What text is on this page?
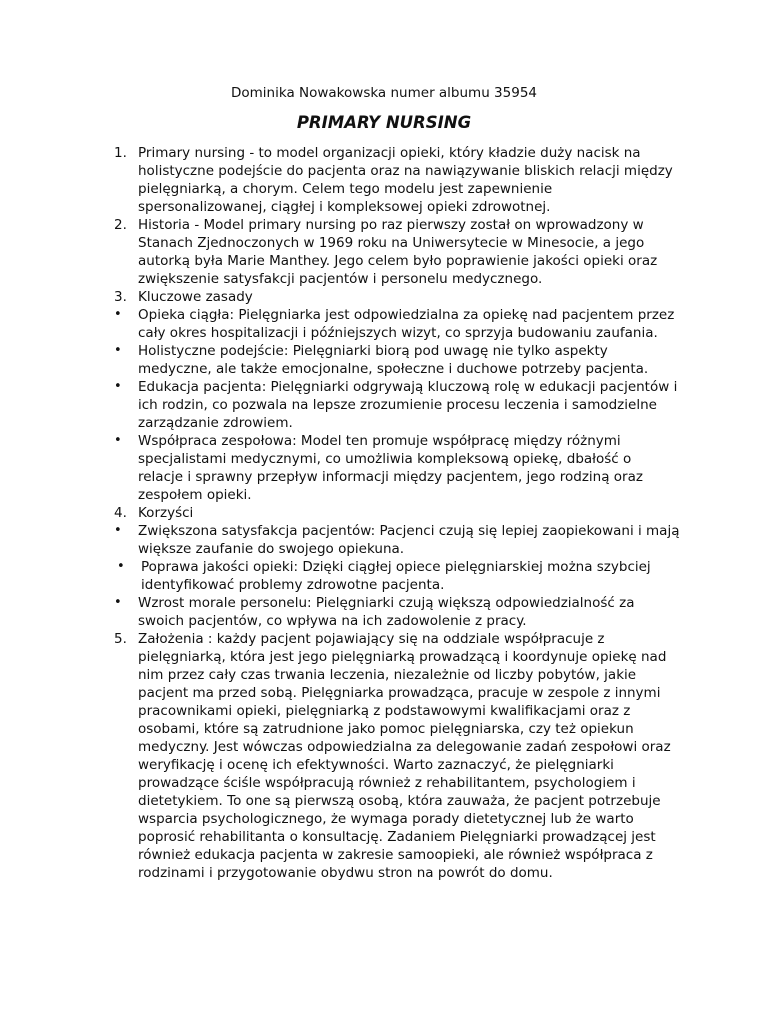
Dominika Nowakowska numer albumu 35954
PRIMARY NURSING
1. Primary nursing - to model organizacji opieki, który kładzie duży nacisk na holistyczne podejście do pacjenta oraz na nawiązywanie bliskich relacji między pielęgniarką, a chorym. Celem tego modelu jest zapewnienie spersonalizowanej, ciągłej i kompleksowej opieki zdrowotnej.
2. Historia - Model primary nursing po raz pierwszy został on wprowadzony w Stanach Zjednoczonych w 1969 roku na Uniwersytecie w Minesocie, a jego autorką była Marie Manthey. Jego celem było poprawienie jakości opieki oraz zwiększenie satysfakcji pacjentów i personelu medycznego.
3. Kluczowe zasady
•	Opieka ciągła: Pielęgniarka jest odpowiedzialna za opiekę nad pacjentem przez cały okres hospitalizacji i późniejszych wizyt, co sprzyja budowaniu zaufania.
•	Holistyczne podejście: Pielęgniarki biorą pod uwagę nie tylko aspekty medyczne, ale także emocjonalne, społeczne i duchowe potrzeby pacjenta.
•	Edukacja pacjenta: Pielęgniarki odgrywają kluczową rolę w edukacji pacjentów i ich rodzin, co pozwala na lepsze zrozumienie procesu leczenia i samodzielne zarządzanie zdrowiem.
•	Współpraca zespołowa: Model ten promuje współpracę między różnymi specjalistami medycznymi, co umożliwia kompleksową opiekę, dbałość o relacje i sprawny przepływ informacji między pacjentem, jego rodziną oraz zespołem opieki.
4. Korzyści
•	Zwiększona satysfakcja pacjentów: Pacjenci czują się lepiej zaopiekowani i mają większe zaufanie do swojego opiekuna.
•	Poprawa jakości opieki: Dzięki ciągłej opiece pielęgniarskiej można szybciej identyfikować problemy zdrowotne pacjenta.
•	Wzrost morale personelu: Pielęgniarki czują większą odpowiedzialność za swoich pacjentów, co wpływa na ich zadowolenie z pracy.
5. Założenia : każdy pacjent pojawiający się na oddziale współpracuje z pielęgniarką, która jest jego pielęgniarką prowadzącą i koordynuje opiekę nad nim przez cały czas trwania leczenia, niezależnie od liczby pobytów, jakie pacjent ma przed sobą. Pielęgniarka prowadząca, pracuje w zespole z innymi pracownikami opieki, pielęgniarką z podstawowymi kwalifikacjami oraz z osobami, które są zatrudnione jako pomoc pielęgniarska, czy też opiekun medyczny. Jest wówczas odpowiedzialna za delegowanie zadań zespołowi oraz weryfikację i ocenę ich efektywności. Warto zaznaczyć, że pielęgniarki prowadzące ściśle współpracują również z rehabilitantem, psychologiem i dietetykiem. To one są pierwszą osobą, która zauważa, że pacjent potrzebuje wsparcia psychologicznego, że wymaga porady dietetycznej lub że warto poprosić rehabilitanta o konsultację. Zadaniem Pielęgniarki prowadzącej jest również edukacja pacjenta w zakresie samoopieki, ale również współpraca z rodzinami i przygotowanie obydwu stron na powrót do domu.
